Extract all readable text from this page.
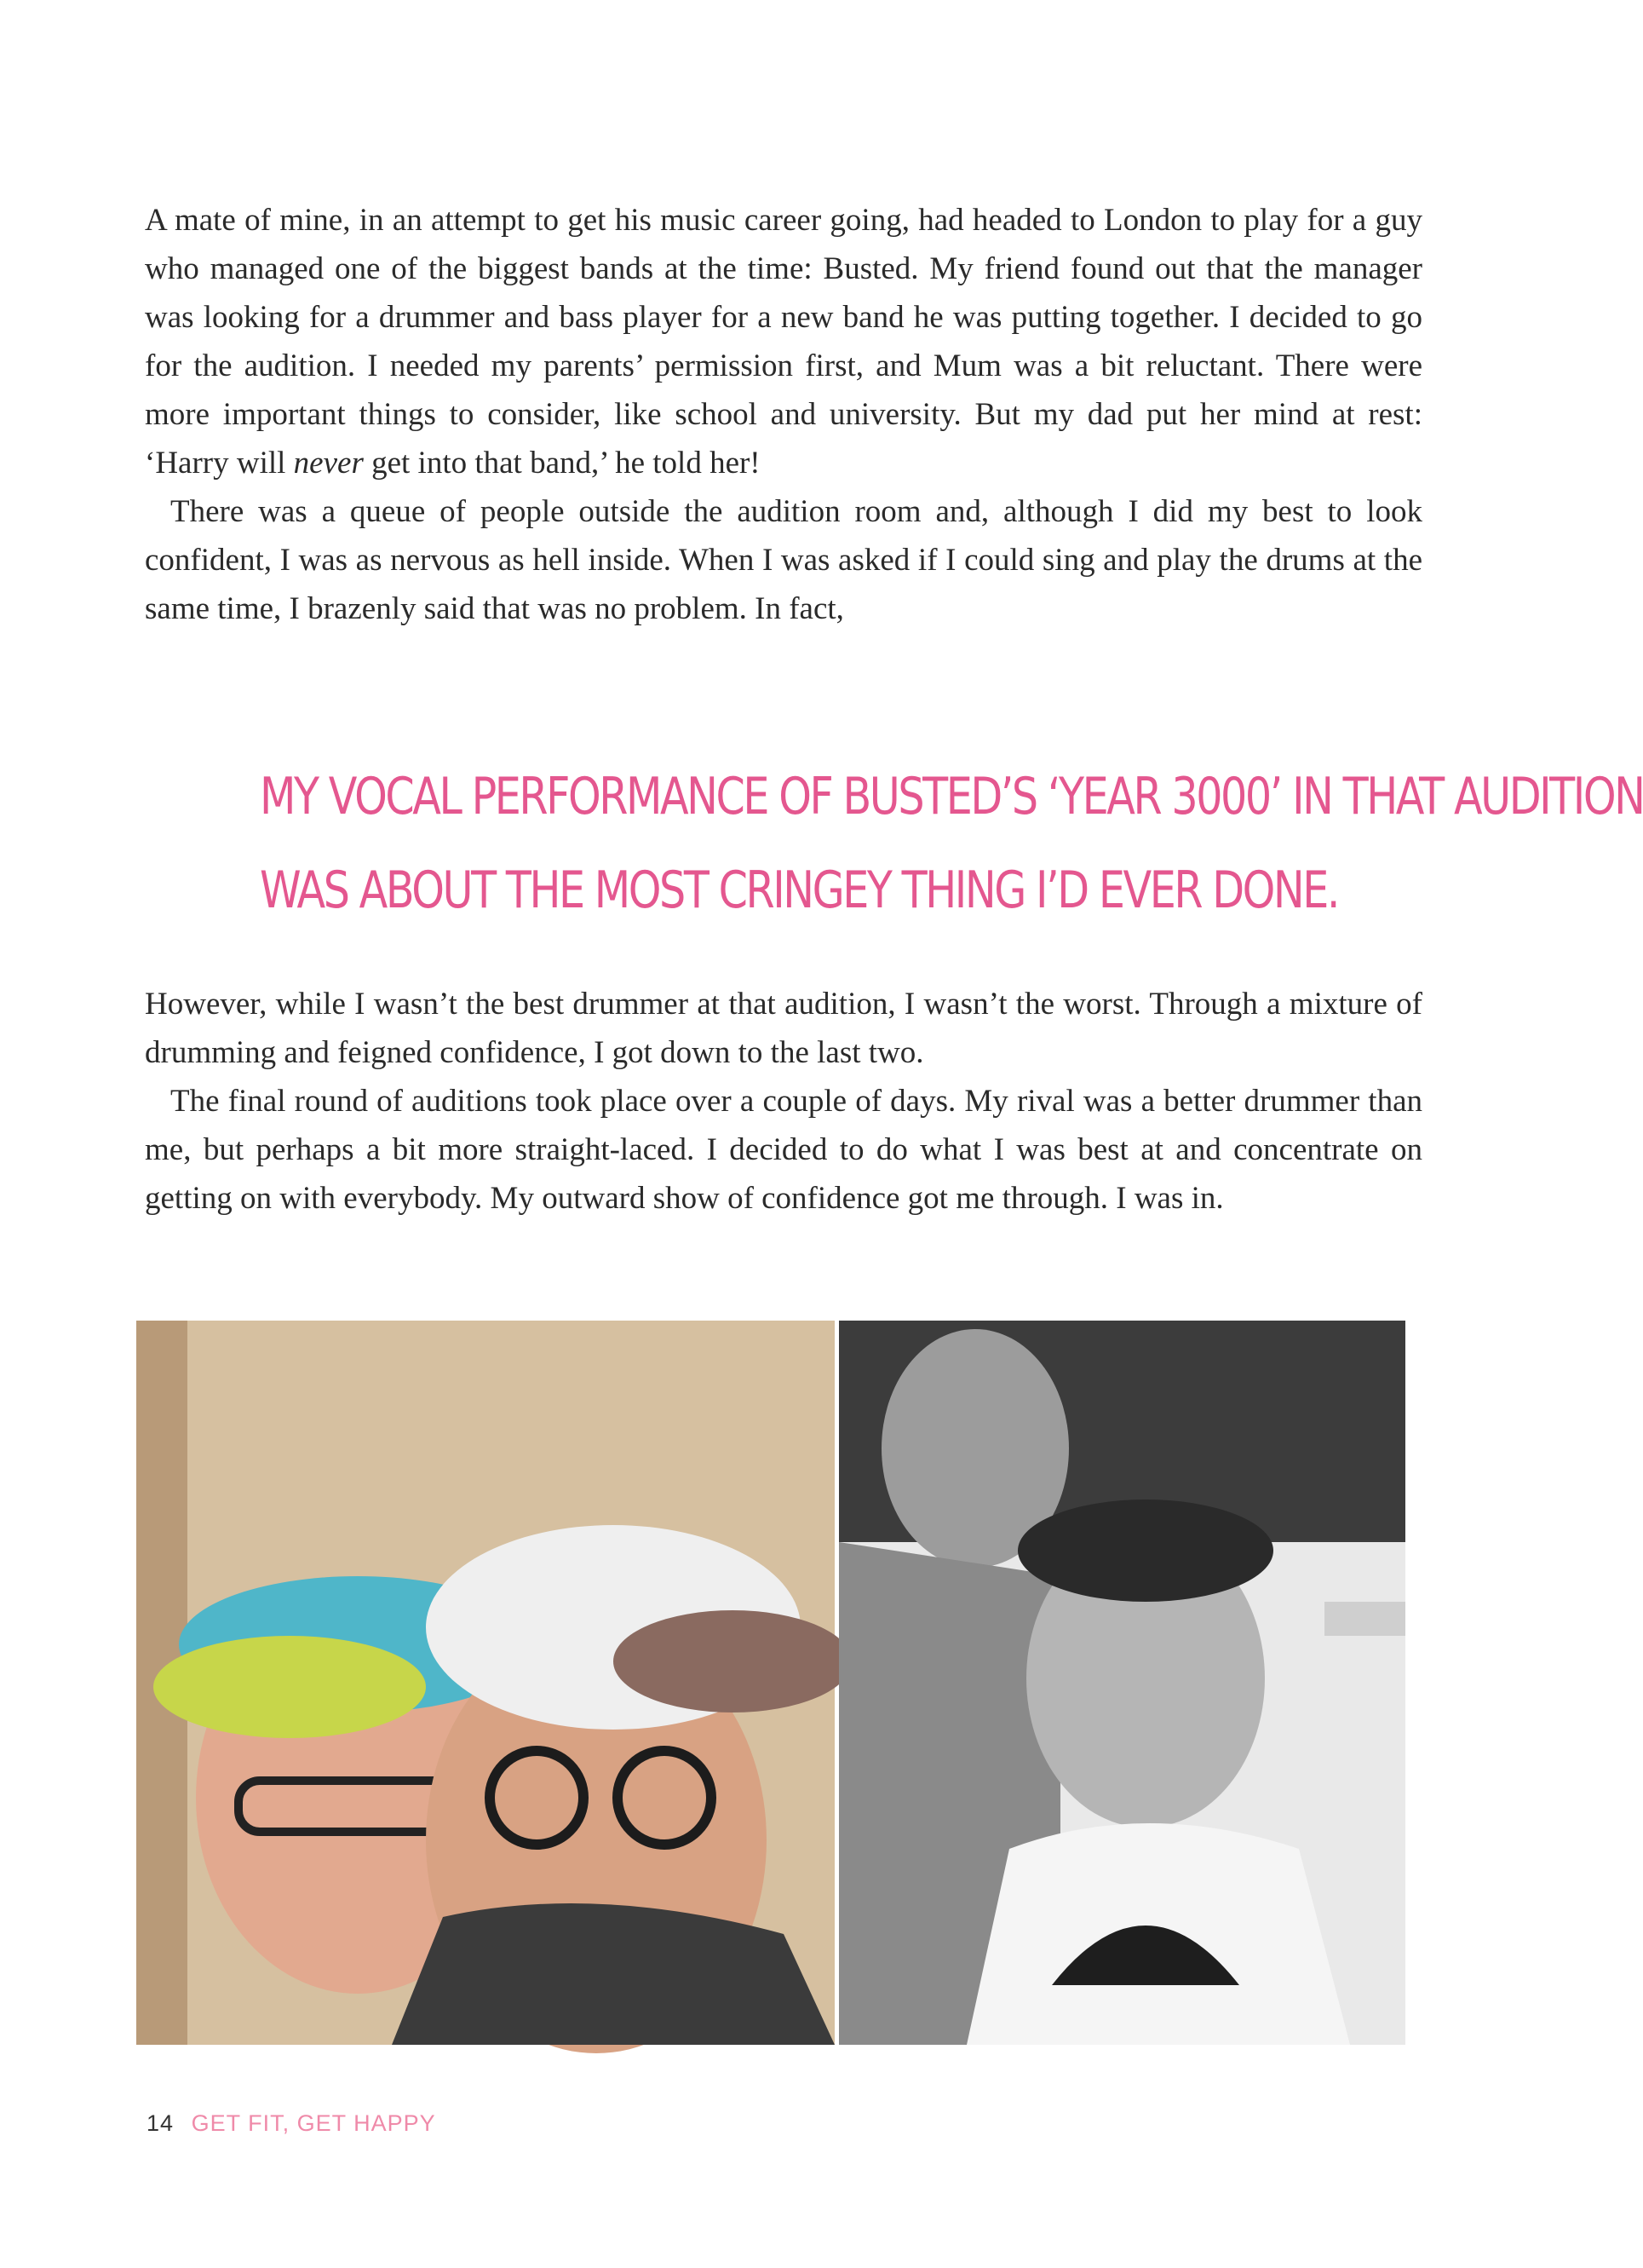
A mate of mine, in an attempt to get his music career going, had headed to London to play for a guy who managed one of the biggest bands at the time: Busted. My friend found out that the manager was looking for a drummer and bass player for a new band he was putting together. I decided to go for the audition. I needed my parents’ permission first, and Mum was a bit reluctant. There were more important things to consider, like school and university. But my dad put her mind at rest: ‘Harry will never get into that band,’ he told her!

There was a queue of people outside the audition room and, although I did my best to look confident, I was as nervous as hell inside. When I was asked if I could sing and play the drums at the same time, I brazenly said that was no problem. In fact,

MY VOCAL PERFORMANCE OF BUSTED’S ‘YEAR 3000’ IN THAT AUDITION
WAS ABOUT THE MOST CRINGEY THING I’D EVER DONE.

However, while I wasn’t the best drummer at that audition, I wasn’t the worst. Through a mixture of drumming and feigned confidence, I got down to the last two.

The final round of auditions took place over a couple of days. My rival was a better drummer than me, but perhaps a bit more straight-laced. I decided to do what I was best at and concentrate on getting on with everybody. My outward show of confidence got me through. I was in.

14 GET FIT, GET HAPPY
